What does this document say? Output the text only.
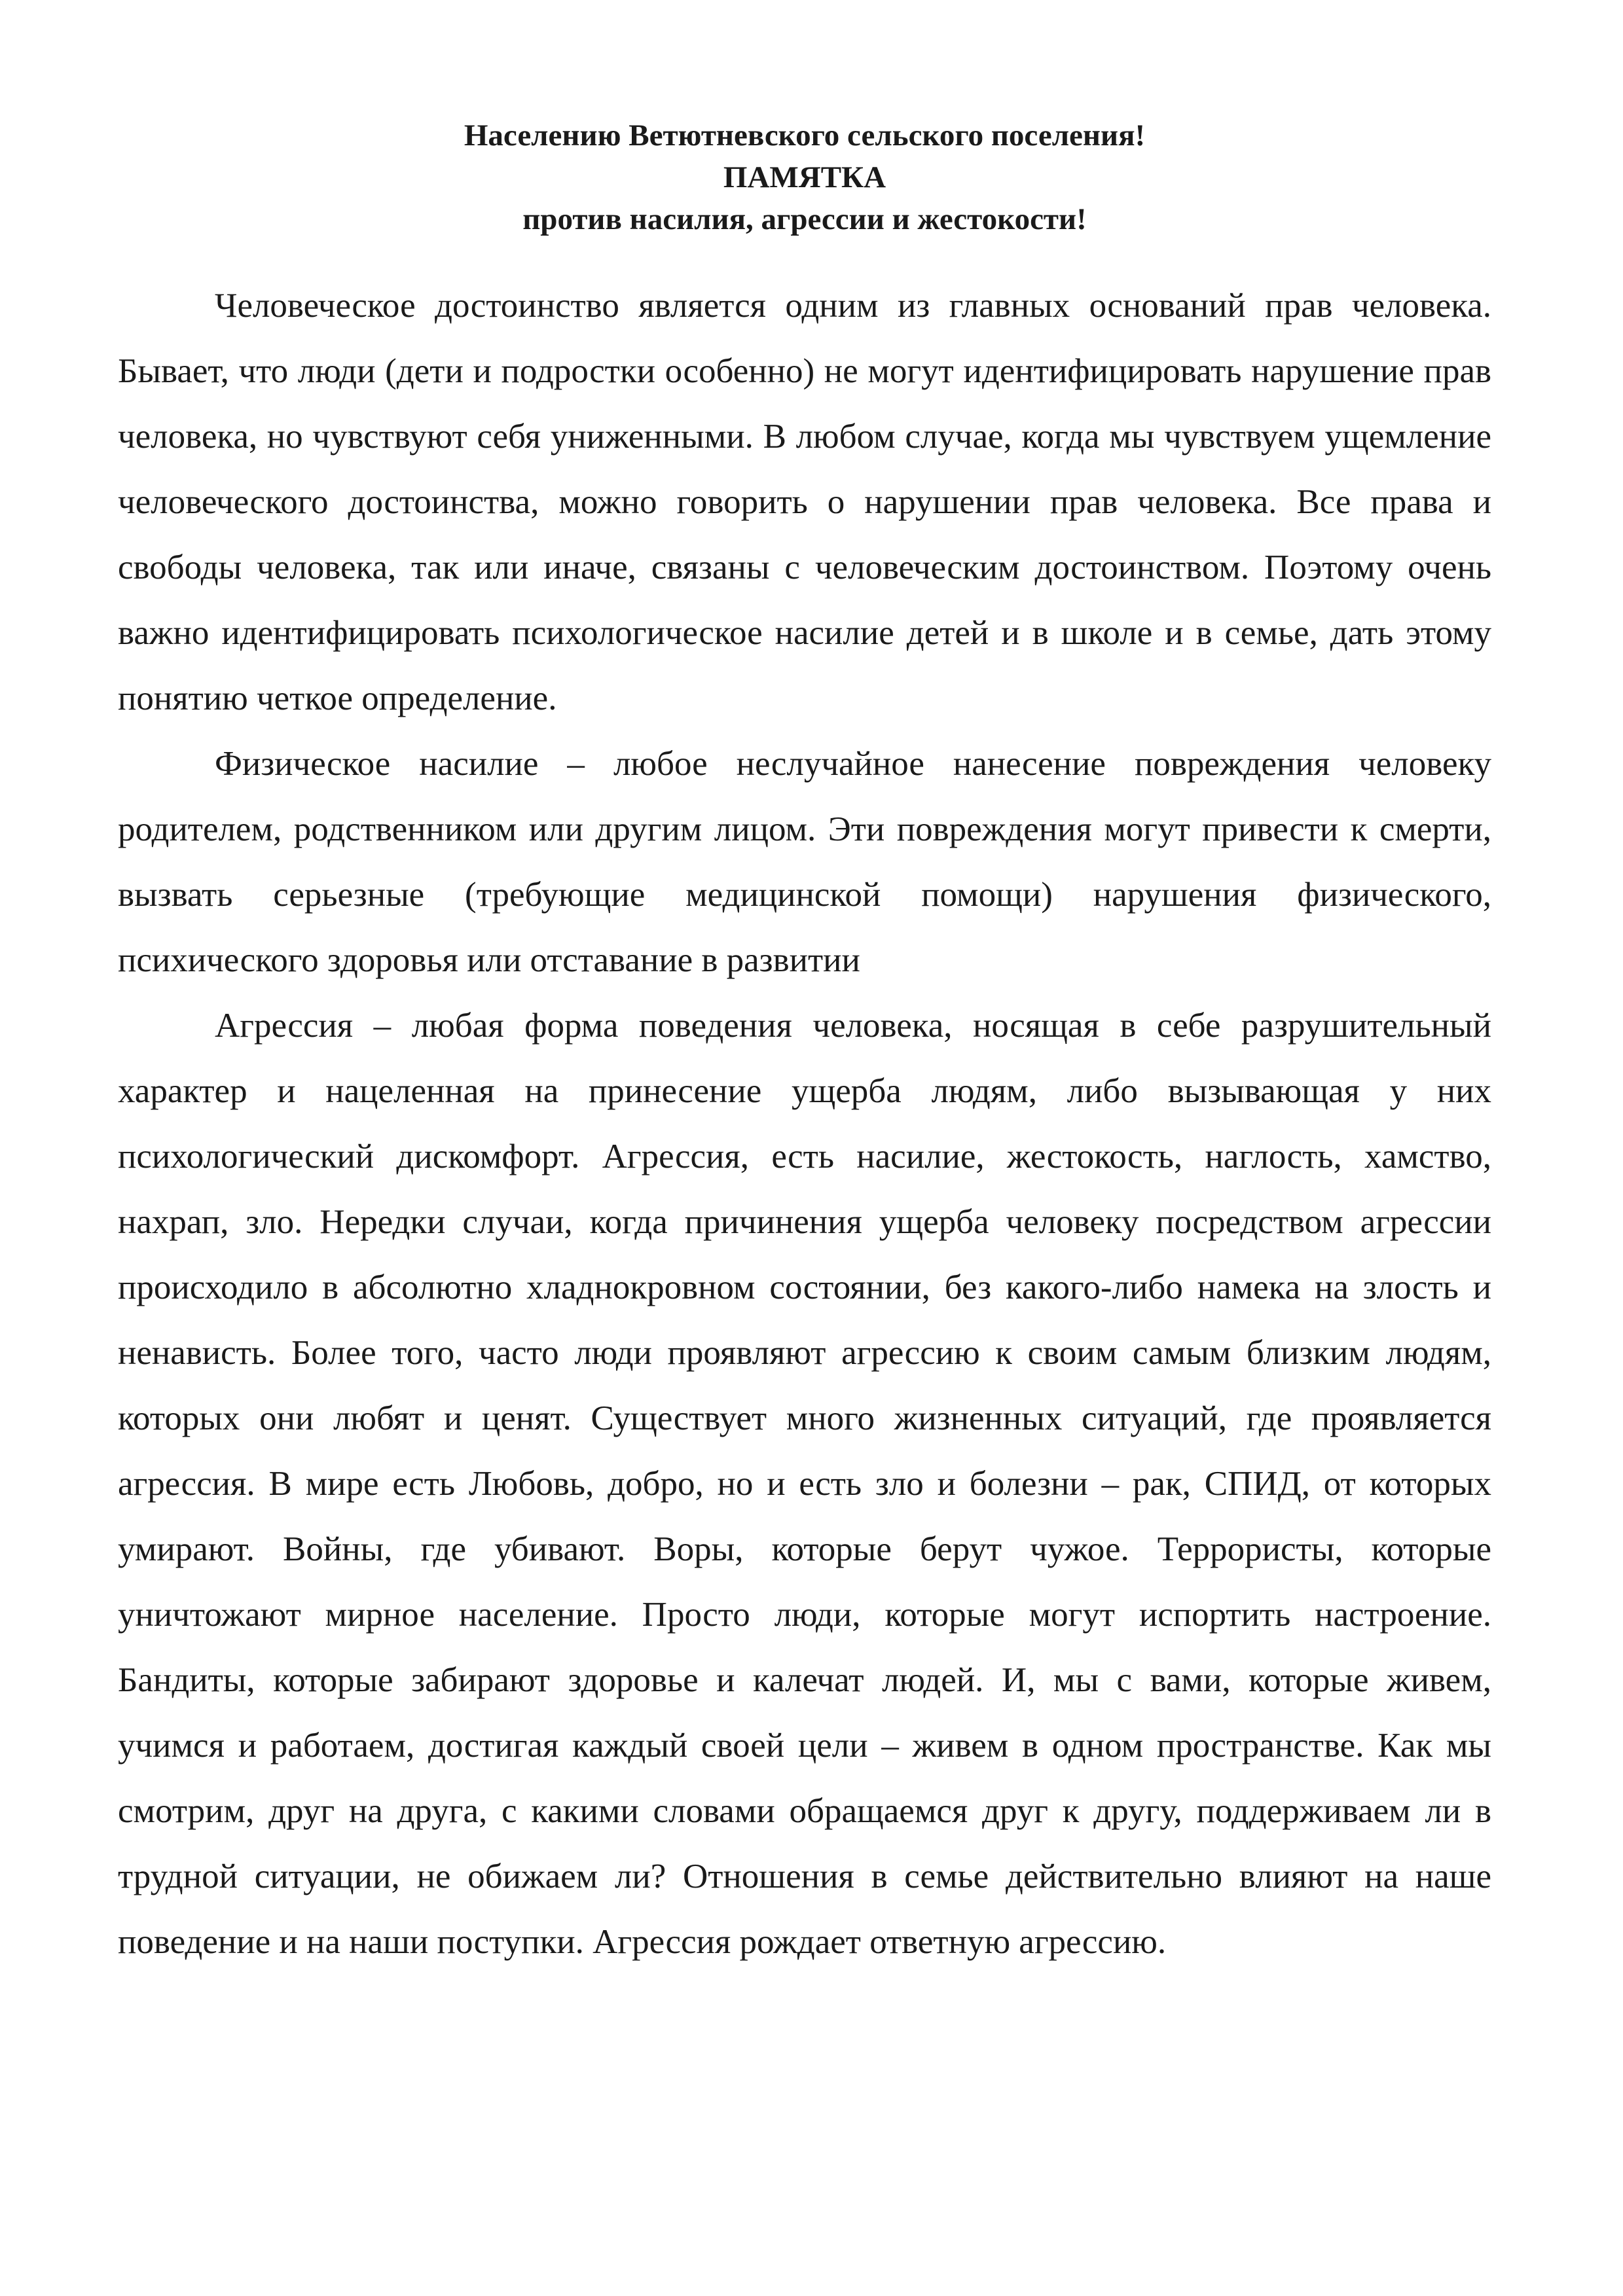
Населению Ветютневского сельского поселения!
ПАМЯТКА
против насилия, агрессии и жестокости!

Человеческое достоинство является одним из главных оснований прав человека. Бывает, что люди (дети и подростки особенно) не могут идентифицировать нарушение прав человека, но чувствуют себя униженными. В любом случае, когда мы чувствуем ущемление человеческого достоинства, можно говорить о нарушении прав человека. Все права и свободы человека, так или иначе, связаны с человеческим достоинством. Поэтому очень важно идентифицировать психологическое насилие детей и в школе и в семье, дать этому понятию четкое определение.

Физическое насилие – любое неслучайное нанесение повреждения человеку родителем, родственником или другим лицом. Эти повреждения могут привести к смерти, вызвать серьезные (требующие медицинской помощи) нарушения физического, психического здоровья или отставание в развитии

Агрессия – любая форма поведения человека, носящая в себе разрушительный характер и нацеленная на принесение ущерба людям, либо вызывающая у них психологический дискомфорт. Агрессия, есть насилие, жестокость, наглость, хамство, нахрап, зло. Нередки случаи, когда причинения ущерба человеку посредством агрессии происходило в абсолютно хладнокровном состоянии, без какого-либо намека на злость и ненависть. Более того, часто люди проявляют агрессию к своим самым близким людям, которых они любят и ценят. Существует много жизненных ситуаций, где проявляется агрессия. В мире есть Любовь, добро, но и есть зло и болезни – рак, СПИД, от которых умирают. Войны, где убивают. Воры, которые берут чужое. Террористы, которые уничтожают мирное население. Просто люди, которые могут испортить настроение. Бандиты, которые забирают здоровье и калечат людей. И, мы с вами, которые живем, учимся и работаем, достигая каждый своей цели – живем в одном пространстве. Как мы смотрим, друг на друга, с какими словами обращаемся друг к другу, поддерживаем ли в трудной ситуации, не обижаем ли? Отношения в семье действительно влияют на наше поведение и на наши поступки. Агрессия рождает ответную агрессию.
